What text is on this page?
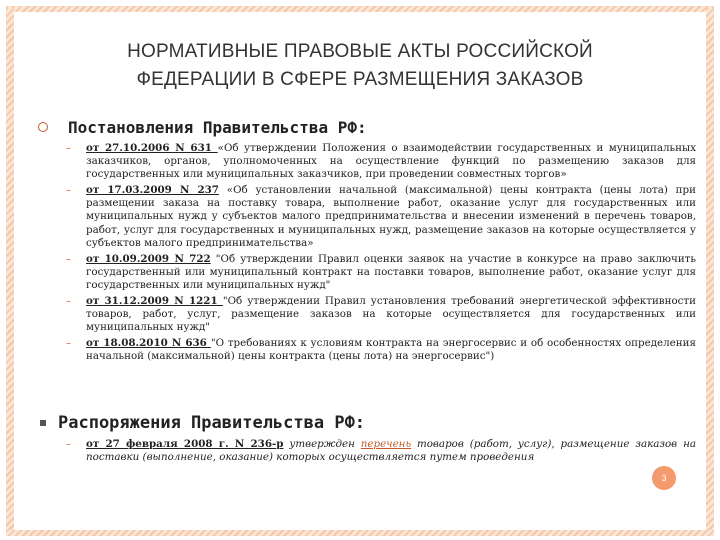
НОРМАТИВНЫЕ ПРАВОВЫЕ АКТЫ РОССИЙСКОЙ
ФЕДЕРАЦИИ В СФЕРЕ РАЗМЕЩЕНИЯ ЗАКАЗОВ
Постановления Правительства РФ:
– от 27.10.2006 N 631 «Об утверждении Положения о взаимодействии государственных и муниципальных заказчиков, органов, уполномоченных на осуществление функций по размещению заказов для государственных или муниципальных заказчиков, при проведении совместных торгов»
– от 17.03.2009 N 237 «Об установлении начальной (максимальной) цены контракта (цены лота) при размещении заказа на поставку товара, выполнение работ, оказание услуг для государственных или муниципальных нужд у субъектов малого предпринимательства и внесении изменений в перечень товаров, работ, услуг для государственных и муниципальных нужд, размещение заказов на которые осуществляется у субъектов малого предпринимательства»
– от 10.09.2009 N 722 "Об утверждении Правил оценки заявок на участие в конкурсе на право заключить государственный или муниципальный контракт на поставки товаров, выполнение работ, оказание услуг для государственных или муниципальных нужд"
– от 31.12.2009 N 1221 "Об утверждении Правил установления требований энергетической эффективности товаров, работ, услуг, размещение заказов на которые осуществляется для государственных или муниципальных нужд"
– от 18.08.2010 N 636 "О требованиях к условиям контракта на энергосервис и об особенностях определения начальной (максимальной) цены контракта (цены лота) на энергосервис")
Распоряжения Правительства РФ:
– от 27 февраля 2008 г. N 236-р утвержден перечень товаров (работ, услуг), размещение заказов на поставки (выполнение, оказание) которых осуществляется путем проведения
3
